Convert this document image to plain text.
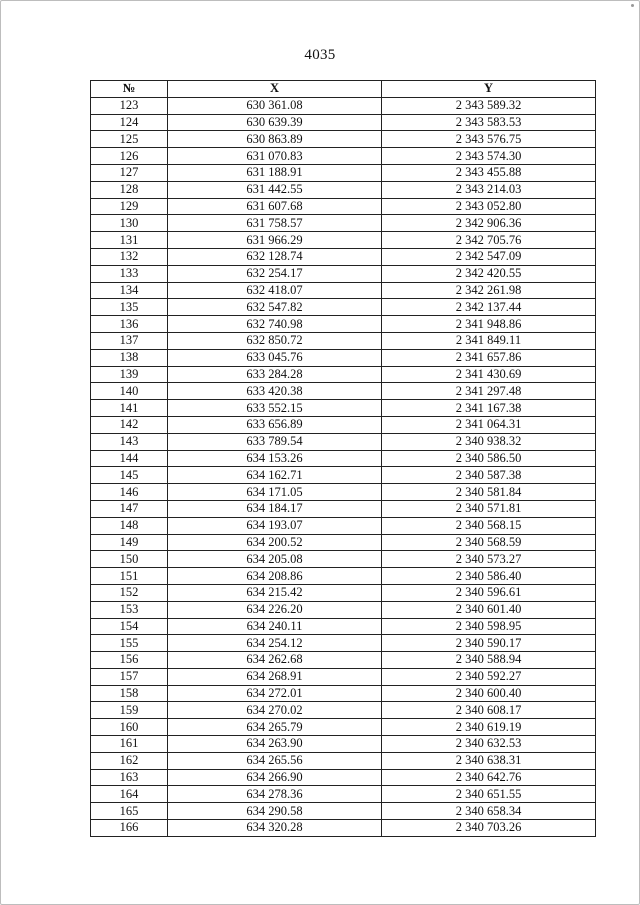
4035
№	X	Y
123	630 361.08	2 343 589.32
124	630 639.39	2 343 583.53
125	630 863.89	2 343 576.75
126	631 070.83	2 343 574.30
127	631 188.91	2 343 455.88
128	631 442.55	2 343 214.03
129	631 607.68	2 343 052.80
130	631 758.57	2 342 906.36
131	631 966.29	2 342 705.76
132	632 128.74	2 342 547.09
133	632 254.17	2 342 420.55
134	632 418.07	2 342 261.98
135	632 547.82	2 342 137.44
136	632 740.98	2 341 948.86
137	632 850.72	2 341 849.11
138	633 045.76	2 341 657.86
139	633 284.28	2 341 430.69
140	633 420.38	2 341 297.48
141	633 552.15	2 341 167.38
142	633 656.89	2 341 064.31
143	633 789.54	2 340 938.32
144	634 153.26	2 340 586.50
145	634 162.71	2 340 587.38
146	634 171.05	2 340 581.84
147	634 184.17	2 340 571.81
148	634 193.07	2 340 568.15
149	634 200.52	2 340 568.59
150	634 205.08	2 340 573.27
151	634 208.86	2 340 586.40
152	634 215.42	2 340 596.61
153	634 226.20	2 340 601.40
154	634 240.11	2 340 598.95
155	634 254.12	2 340 590.17
156	634 262.68	2 340 588.94
157	634 268.91	2 340 592.27
158	634 272.01	2 340 600.40
159	634 270.02	2 340 608.17
160	634 265.79	2 340 619.19
161	634 263.90	2 340 632.53
162	634 265.56	2 340 638.31
163	634 266.90	2 340 642.76
164	634 278.36	2 340 651.55
165	634 290.58	2 340 658.34
166	634 320.28	2 340 703.26
